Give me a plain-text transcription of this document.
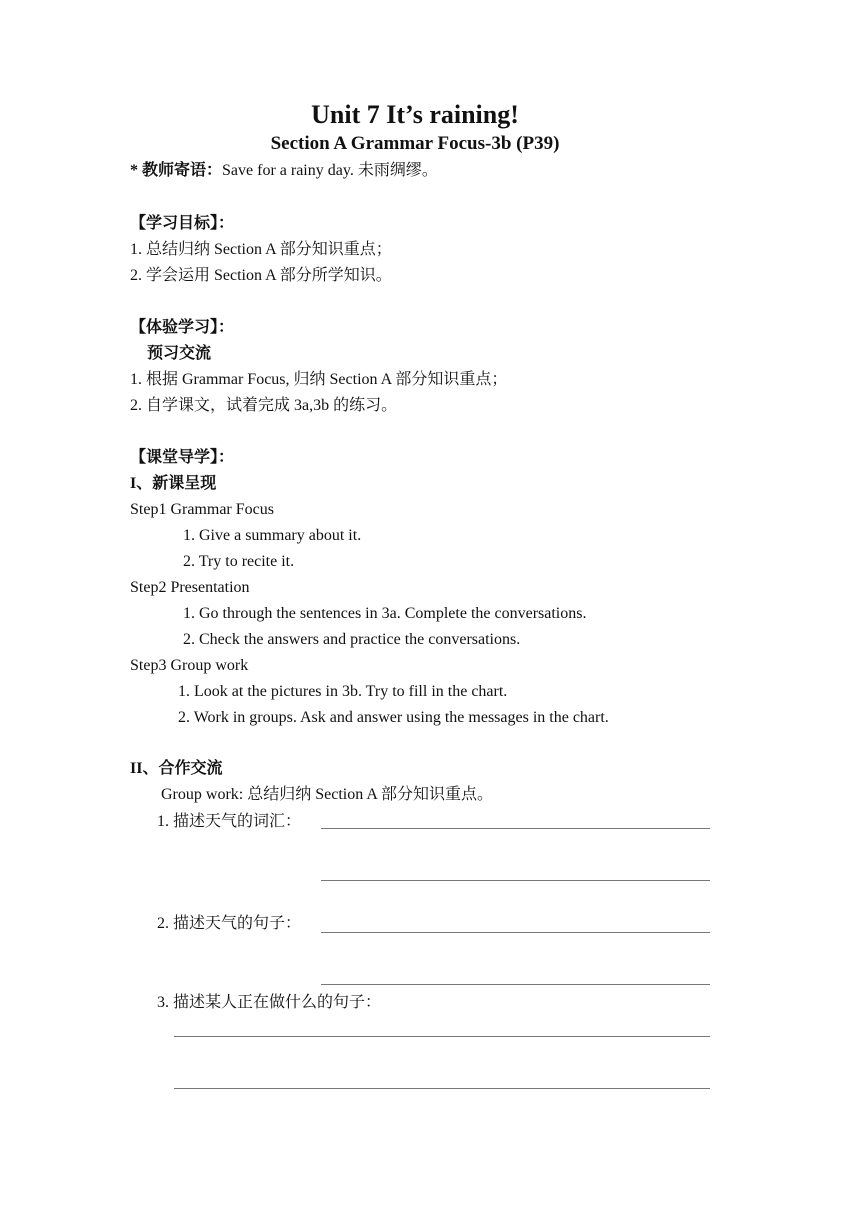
Unit 7 It’s raining!
Section A Grammar Focus-3b (P39)
* 教师寄语：Save for a rainy day. 未雨绸缪。
【学习目标】：
1. 总结归纳 Section A 部分知识重点；
2. 学会运用 Section A 部分所学知识。
【体验学习】：
预习交流
1. 根据 Grammar Focus, 归纳 Section A 部分知识重点；
2. 自学课文，试着完成 3a,3b 的练习。
【课堂导学】：
I、新课呈现
Step1 Grammar Focus
1. Give a summary about it.
2. Try to recite it.
Step2 Presentation
1. Go through the sentences in 3a. Complete the conversations.
2. Check the answers and practice the conversations.
Step3 Group work
1. Look at the pictures in 3b. Try to fill in the chart.
2. Work in groups. Ask and answer using the messages in the chart.
II、合作交流
Group work: 总结归纳 Section A 部分知识重点。
1. 描述天气的词汇：
2. 描述天气的句子：
3. 描述某人正在做什么的句子：
